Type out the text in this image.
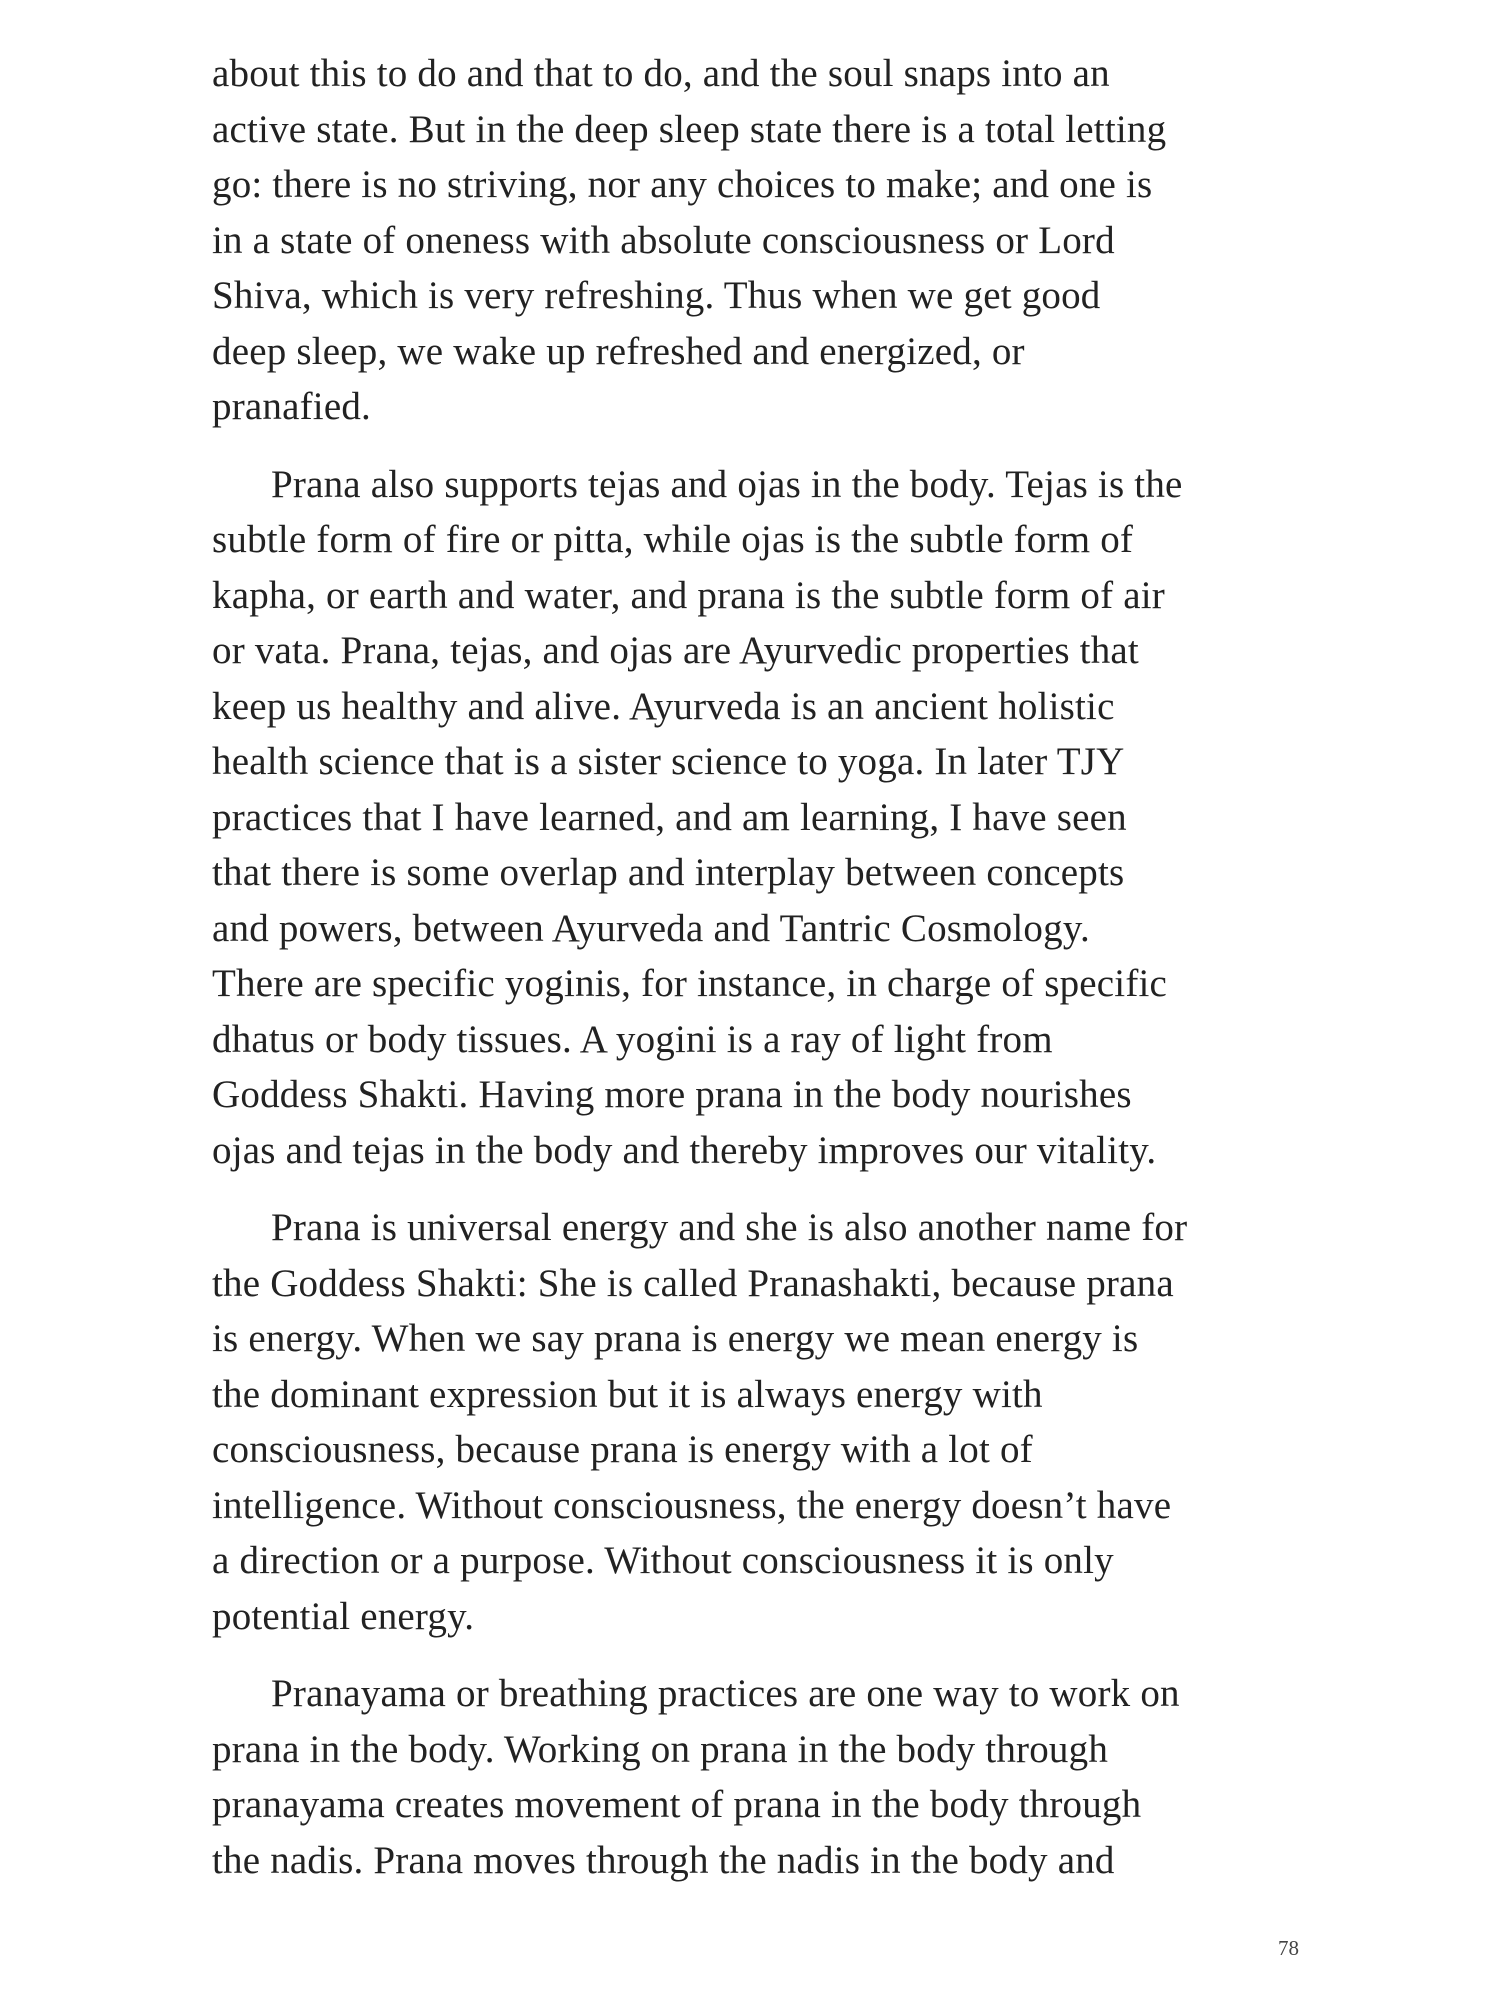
about this to do and that to do, and the soul snaps into an
active state. But in the deep sleep state there is a total letting
go: there is no striving, nor any choices to make; and one is
in a state of oneness with absolute consciousness or Lord
Shiva, which is very refreshing. Thus when we get good
deep sleep, we wake up refreshed and energized, or
pranafied.
Prana also supports tejas and ojas in the body. Tejas is the
subtle form of fire or pitta, while ojas is the subtle form of
kapha, or earth and water, and prana is the subtle form of air
or vata. Prana, tejas, and ojas are Ayurvedic properties that
keep us healthy and alive. Ayurveda is an ancient holistic
health science that is a sister science to yoga. In later TJY
practices that I have learned, and am learning, I have seen
that there is some overlap and interplay between concepts
and powers, between Ayurveda and Tantric Cosmology.
There are specific yoginis, for instance, in charge of specific
dhatus or body tissues. A yogini is a ray of light from
Goddess Shakti. Having more prana in the body nourishes
ojas and tejas in the body and thereby improves our vitality.
Prana is universal energy and she is also another name for
the Goddess Shakti: She is called Pranashakti, because prana
is energy. When we say prana is energy we mean energy is
the dominant expression but it is always energy with
consciousness, because prana is energy with a lot of
intelligence. Without consciousness, the energy doesn’t have
a direction or a purpose. Without consciousness it is only
potential energy.
Pranayama or breathing practices are one way to work on
prana in the body. Working on prana in the body through
pranayama creates movement of prana in the body through
the nadis. Prana moves through the nadis in the body and
78
